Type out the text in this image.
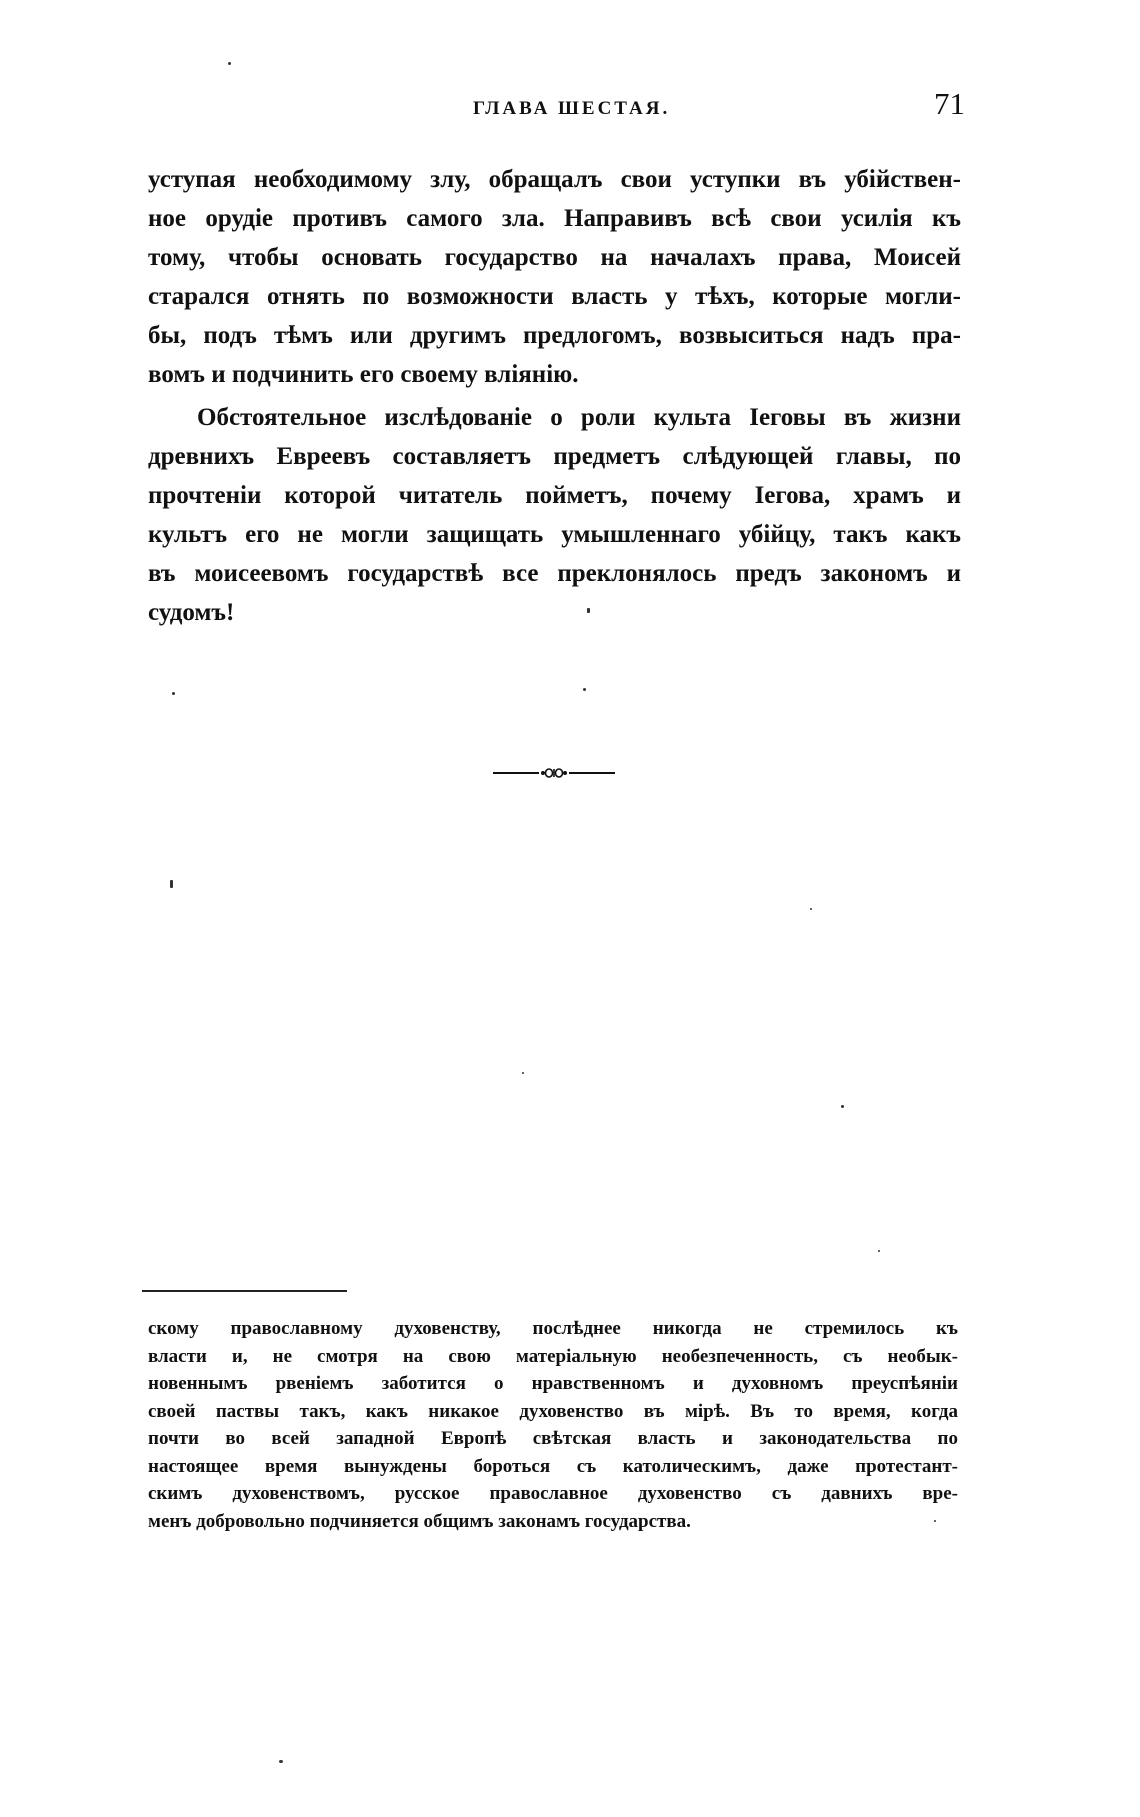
ГЛАВА ШЕСТАЯ.	71

уступая необходимому злу, обращалъ свои уступки въ убійствен-

ное орудіе противъ самого зла. Направивъ всѣ свои усилія къ

тому, чтобы основать государство на началахъ права, Моисей

старался отнять по возможности власть у тѣхъ, которые могли-

бы, подъ тѣмъ или другимъ предлогомъ, возвыситься надъ пра-

вомъ и подчинить его своему вліянію.

Обстоятельное изслѣдованіе о роли культа Іеговы въ жизни

древнихъ Евреевъ составляетъ предметъ слѣдующей главы, по

прочтеніи которой читатель пойметъ, почему Іегова, храмъ и

культъ его не могли защищать умышленнаго убійцу, такъ какъ

въ моисеевомъ государствѣ все преклонялось предъ закономъ и

судомъ!

скому православному духовенству, послѣднее никогда не стремилось къ

власти и, не смотря на свою матеріальную необезпеченность, съ необык-

новеннымъ рвеніемъ заботится о нравственномъ и духовномъ преуспѣяніи

своей паствы такъ, какъ никакое духовенство въ мірѣ. Въ то время, когда

почти во всей западной Европѣ свѣтская власть и законодательства по

настоящее время вынуждены бороться съ католическимъ, даже протестант-

скимъ духовенствомъ, русское православное духовенство съ давнихъ вре-

менъ добровольно подчиняется общимъ законамъ государства.
